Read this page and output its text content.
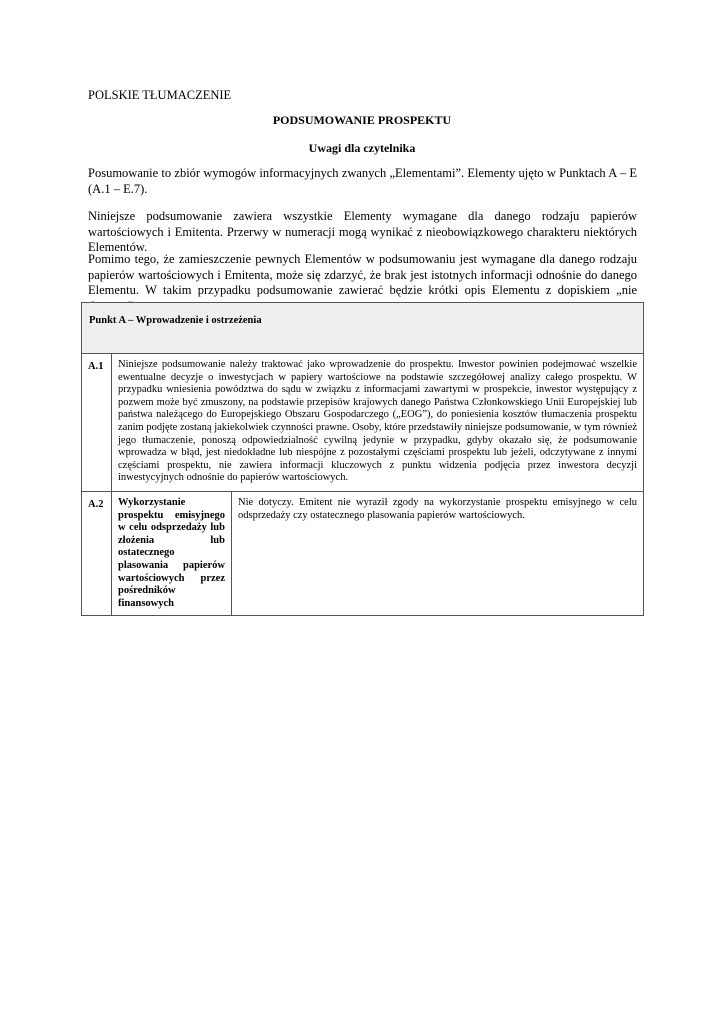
POLSKIE TŁUMACZENIE
PODSUMOWANIE PROSPEKTU
Uwagi dla czytelnika
Posumowanie to zbiór wymogów informacyjnych zwanych „Elementami”. Elementy ujęto w Punktach A – E (A.1 – E.7).
Niniejsze podsumowanie zawiera wszystkie Elementy wymagane dla danego rodzaju papierów wartościowych i Emitenta. Przerwy w numeracji mogą wynikać z nieobowiązkowego charakteru niektórych Elementów.
Pomimo tego, że zamieszczenie pewnych Elementów w podsumowaniu jest wymagane dla danego rodzaju papierów wartościowych i Emitenta, może się zdarzyć, że brak jest istotnych informacji odnośnie do danego Elementu. W takim przypadku podsumowanie zawierać będzie krótki opis Elementu z dopiskiem „nie
Punkt A – Wprowadzenie i ostrzeżenia		
A.1	Niniejsze podsumowanie należy traktować jako wprowadzenie do prospektu. Inwestor powinien podejmować wszelkie ewentualne decyzje o inwestycjach w papiery wartościowe na podstawie szczegółowej analizy całego prospektu. W przypadku wniesienia powództwa do sądu w związku z informacjami zawartymi w prospekcie, inwestor występujący z pozwem może być zmuszony, na podstawie przepisów krajowych danego Państwa Członkowskiego Unii Europejskiej lub państwa należącego do Europejskiego Obszaru Gospodarczego („EOG”), do poniesienia kosztów tłumaczenia prospektu zanim podjęte zostaną jakiekolwiek czynności prawne. Osoby, które przedstawiły niniejsze podsumowanie, w tym również jego tłumaczenie, ponoszą odpowiedzialność cywilną jedynie w przypadku, gdyby okazało się, że podsumowanie wprowadza w błąd, jest niedokładne lub niespójne z pozostałymi częściami prospektu lub jeżeli, odczytywane z innymi częściami prospektu, nie zawiera informacji kluczowych z punktu widzenia podjęcia przez inwestora decyzji inwestycyjnych odnośnie do papierów wartościowych.	
A.2	Wykorzystanie prospektu emisyjnego w celu odsprzedaży lub złożenia lub ostatecznego plasowania papierów wartościowych przez pośredników finansowych	Nie dotyczy. Emitent nie wyraził zgody na wykorzystanie prospektu emisyjnego w celu odsprzedaży czy ostatecznego plasowania papierów wartościowych.
